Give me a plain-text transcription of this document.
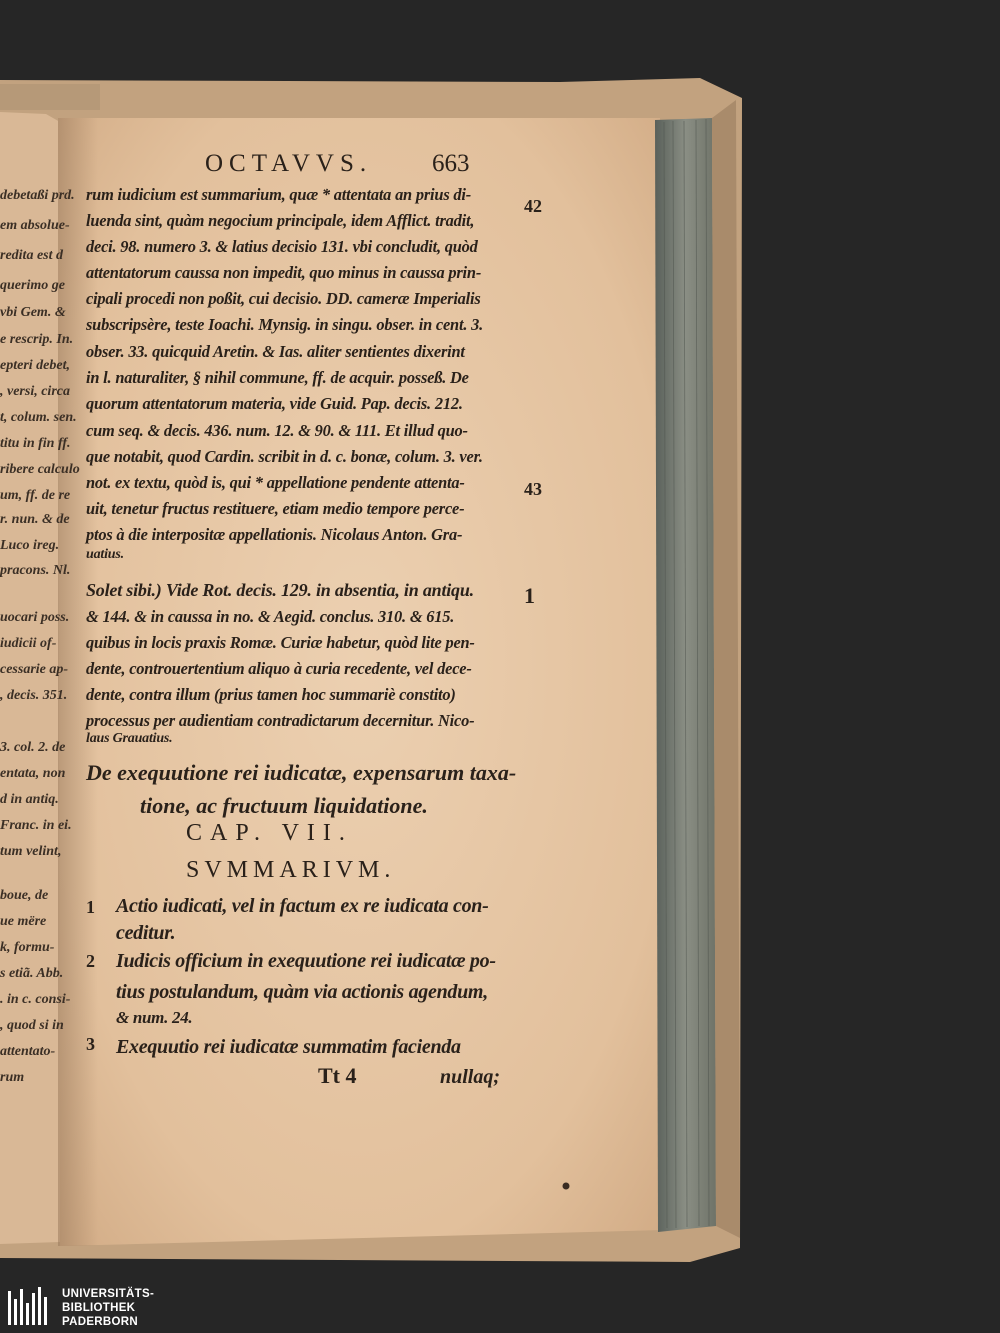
OCTAVVS. 663
rum iudicium est summarium, quæ * attentata an prius di-
luenda sint, quàm negocium principale, idem Afflict. tradit,
deci. 98. numero 3. & latius decisio 131. vbi concludit, quòd
attentatorum caussa non impedit, quo minus in caussa prin-
cipali procedi non poßit, cui decisio. DD. cameræ Imperialis
subscripsère, teste Ioachi. Mynsig. in singu. obser. in cent. 3.
obser. 33. quicquid Aretin. & Ias. aliter sentientes dixerint
in l. naturaliter, § nihil commune, ff. de acquir. posseß. De
quorum attentatorum materia, vide Guid. Pap. decis. 212.
cum seq. & decis. 436. num. 12. & 90. & 111. Et illud quo-
que notabit, quod Cardin. scribit in d. c. bonæ, colum. 3. ver.
not. ex textu, quòd is, qui * appellatione pendente attenta-
uit, tenetur fructus restituere, etiam medio tempore perce-
ptos à die interpositæ appellationis. Nicolaus Anton. Gra-
uatius.
42
43
1
Solet sibi.) Vide Rot. decis. 129. in absentia, in antiqu.
& 144. & in caussa in no. & Aegid. conclus. 310. & 615.
quibus in locis praxis Romæ. Curiæ habetur, quòd lite pen-
dente, controuertentium aliquo à curia recedente, vel dece-
dente, contra illum (prius tamen hoc summariè constito)
processus per audientiam contradictarum decernitur. Nico-
laus Grauatius.
De exequutione rei iudicatæ, expensarum taxa-
tione, ac fructuum liquidatione.
CAP. VII.
SVMMARIVM.
1 Actio iudicati, vel in factum ex re iudicata con-
ceditur.
2 Iudicis officium in exequutione rei iudicatæ po-
tius postulandum, quàm via actionis agendum,
& num. 24.
3 Exequutio rei iudicatæ summatim facienda
Tt 4	nullaq;
debetaßi prd.
em absolue-
redita est d
querimo ge
vbi Gem. &
e rescrip. In.
epteri debet,
, versi, circa
t, colum. sen.
titu in fin ff.
ribere calculo
um, ff. de re
r. nun. & de
Luco ireg.
pracons. Nl.
uocari poss.
iudicii of-
cessarie ap-
, decis. 351.
3. col. 2. de
entata, non
d in antiq.
Franc. in ei.
tum velint,
boue, de
ue mëre
k, formu-
s etiã. Abb.
. in c. consi-
, quod si in
attentato-
rum
UNIVERSITÄTS-
BIBLIOTHEK
PADERBORN
